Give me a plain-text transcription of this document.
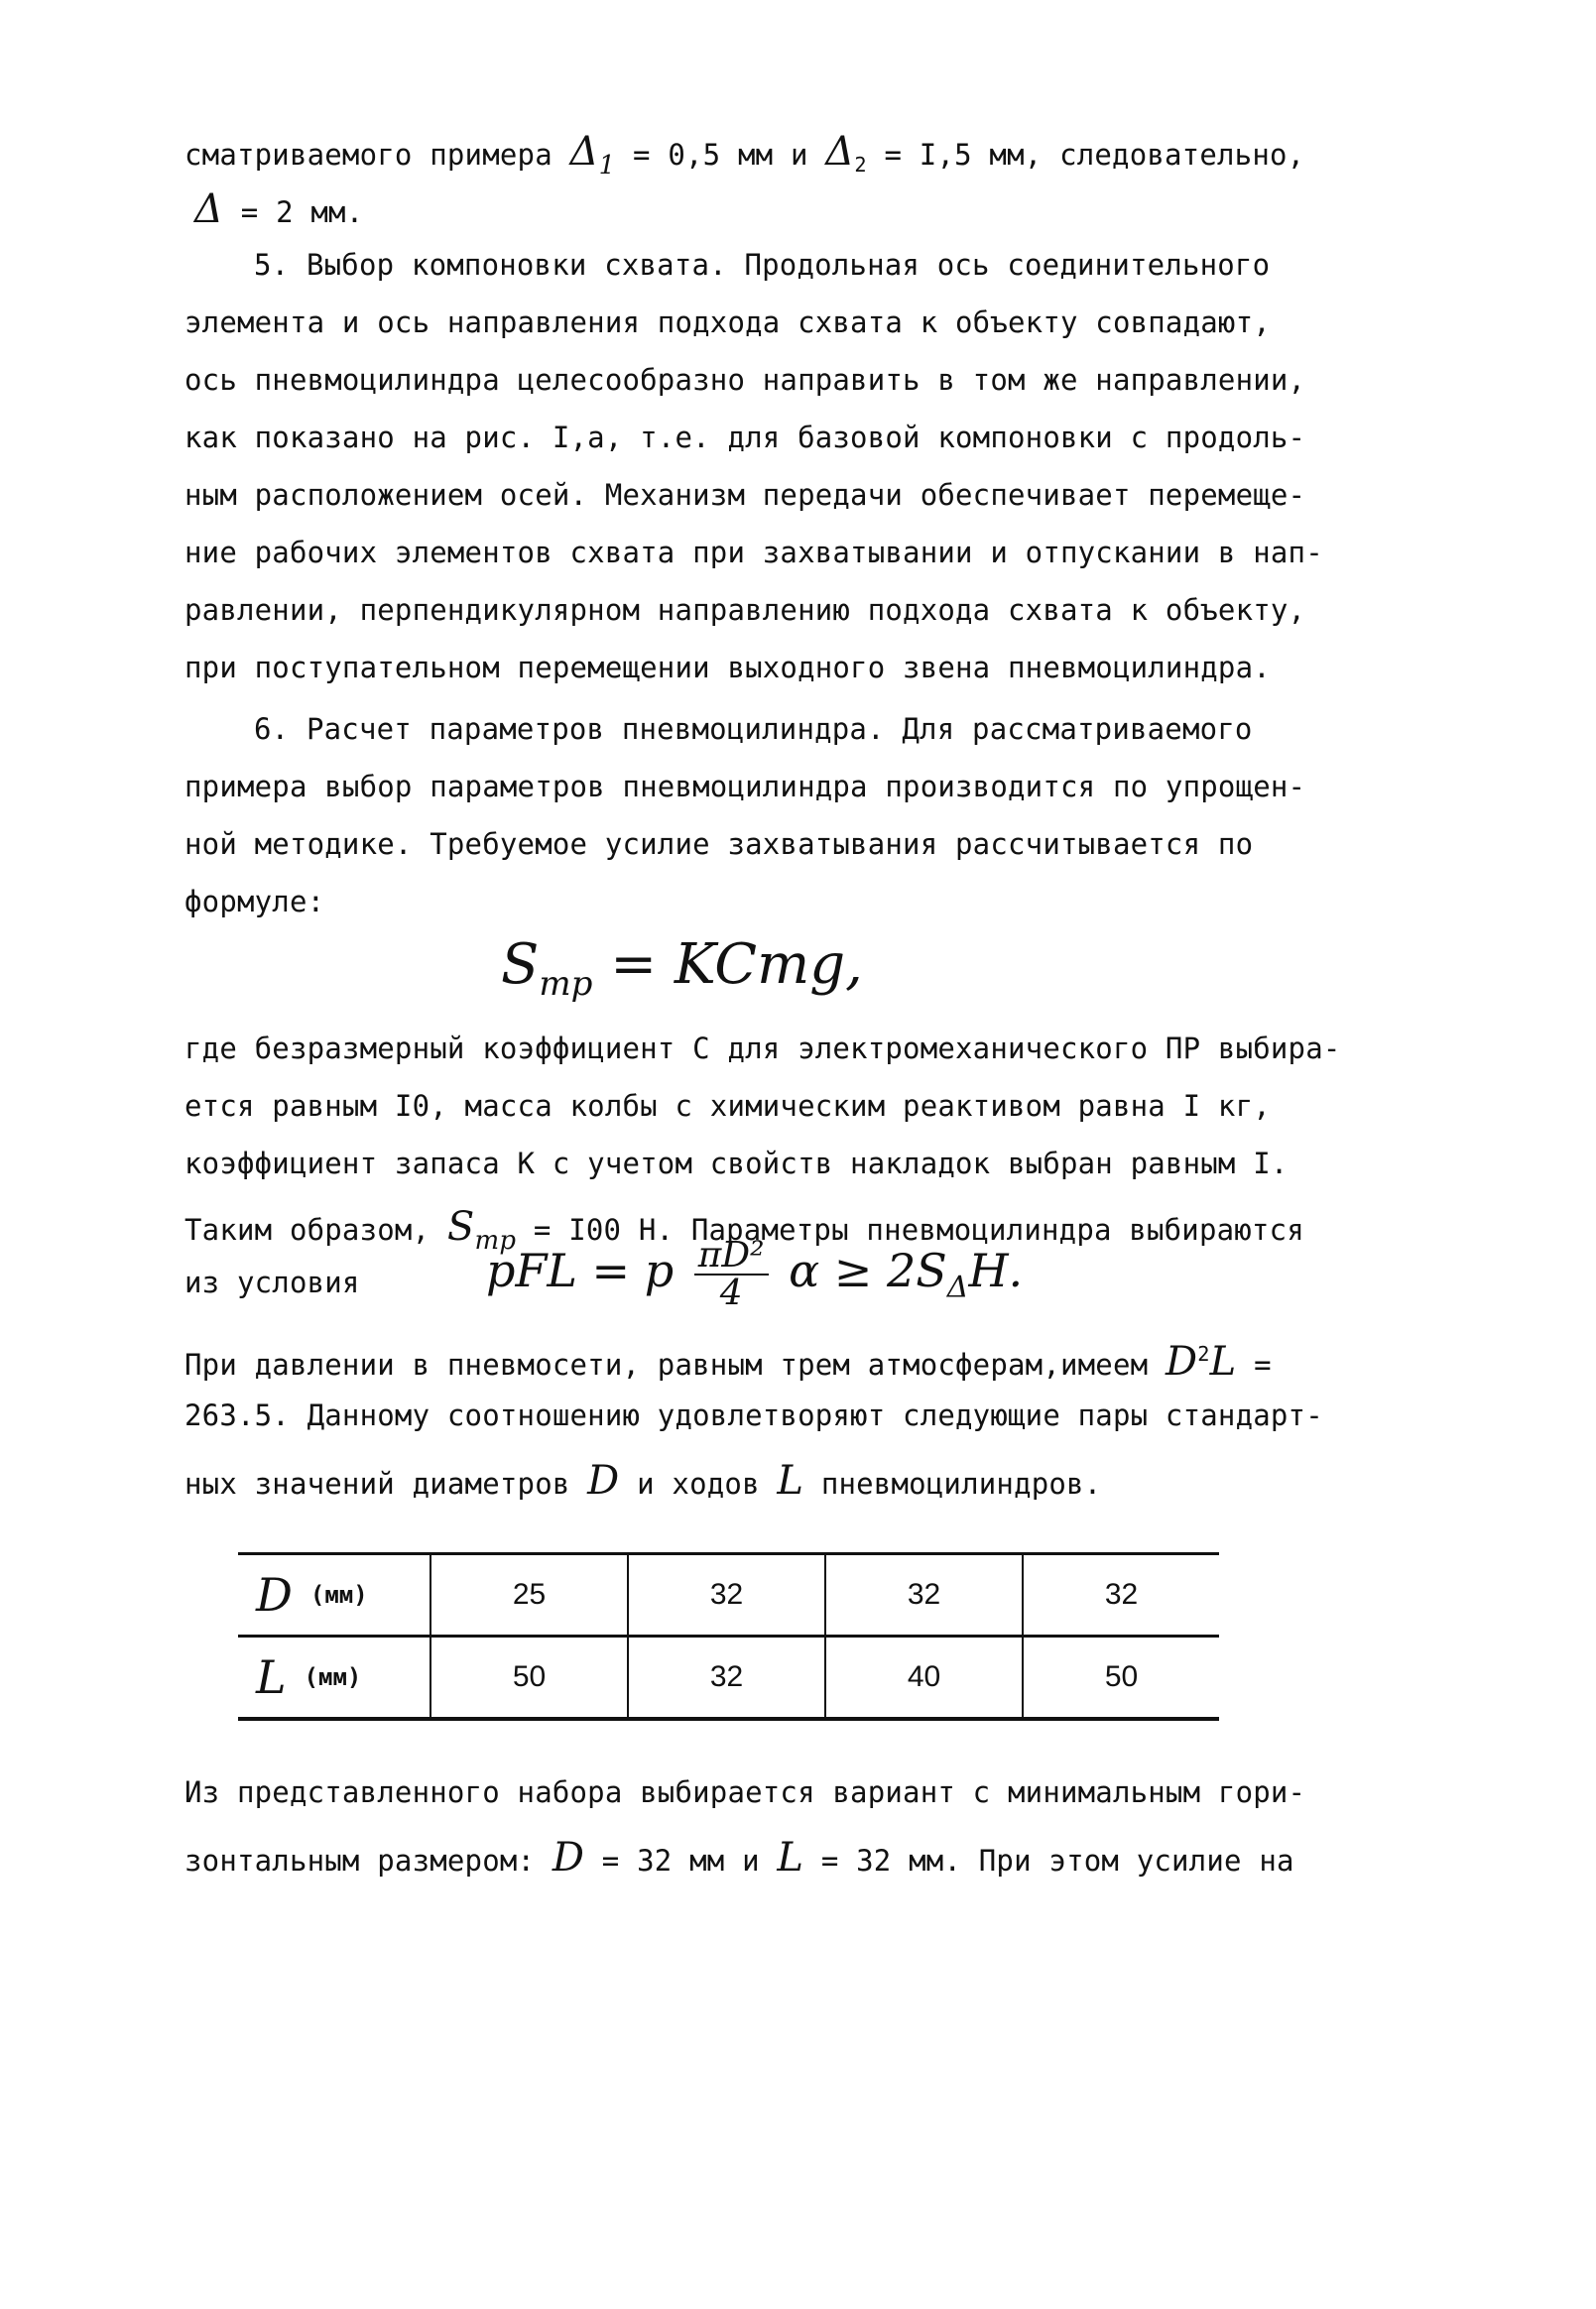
сматриваемого примера Δ1 = 0,5 мм и $\Delta_2 = I,5$ мм, следовательно,
Δ = 2 мм.
5. Выбор компоновки схвата. Продольная ось соединительного
элемента и ось направления подхода схвата к объекту совпадают,
ось пневмоцилиндра целесообразно направить в том же направлении,
как показано на рис. I,а, т.е. для базовой компоновки с продоль-
ным расположением осей. Механизм передачи обеспечивает перемеще-
ние рабочих элементов схвата при захватывании и отпускании в нап-
равлении, перпендикулярном направлению подхода схвата к объекту,
при поступательном перемещении выходного звена пневмоцилиндра.
6. Расчет параметров пневмоцилиндра. Для рассматриваемого
примера выбор параметров пневмоцилиндра производится по упрощен-
ной методике. Требуемое усилие захватывания рассчитывается по
формуле:
$S_{тр}$ = KCmg,
где безразмерный коэффициент C для электромеханического ПР выбира-
ется равным I0, масса колбы с химическим реактивом равна I кг,
коэффициент запаса K с учетом свойств накладок выбран равным I.
Таким образом, Sтр = I00 Н. Параметры пневмоцилиндра выбираются
из условия	pFL = p $\frac{\text{πD²}}{4}$ $\alpha \ge 2S_\Delta H$.
При давлении в пневмосети, равным трем атмосферам,имеем $D^2L$ =
263.5. Данному соотношению удовлетворяют следующие пары стандарт-
ных значений диаметров D и ходов L пневмоцилиндров.
D (мм)	25	32	32	32
L (мм)	50	32	40	50
Из представленного набора выбирается вариант с минимальным гори-
зонтальным размером: D = 32 мм и L = 32 мм. При этом усилие на
